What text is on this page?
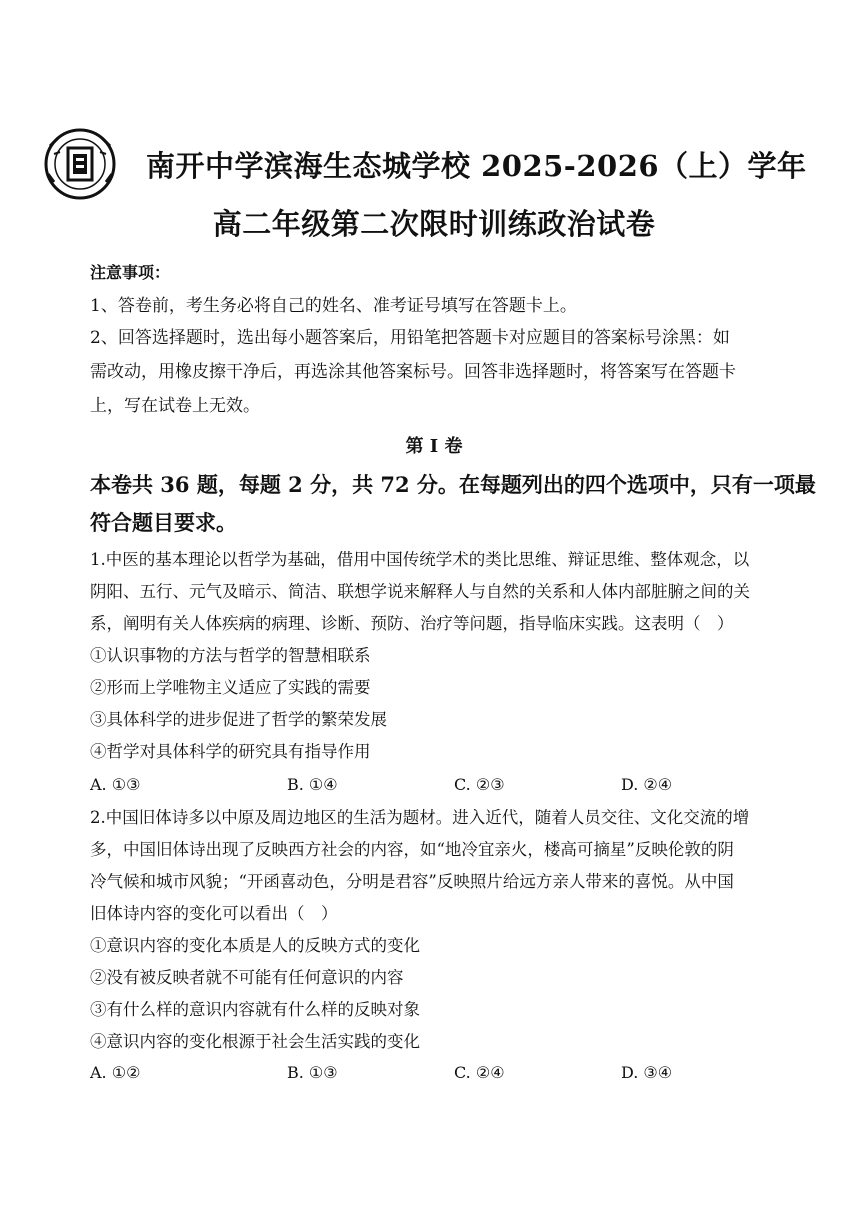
南开中学滨海生态城学校 2025-2026（上）学年
高二年级第二次限时训练政治试卷
注意事项：
1、答卷前，考生务必将自己的姓名、准考证号填写在答题卡上。
2、回答选择题时，选出每小题答案后，用铅笔把答题卡对应题目的答案标号涂黑：如
需改动，用橡皮擦干净后，再选涂其他答案标号。回答非选择题时，将答案写在答题卡
上，写在试卷上无效。
第 I 卷
本卷共 36 题，每题 2 分，共 72 分。在每题列出的四个选项中，只有一项最
符合题目要求。
1.中医的基本理论以哲学为基础，借用中国传统学术的类比思维、辩证思维、整体观念，以
阴阳、五行、元气及暗示、简洁、联想学说来解释人与自然的关系和人体内部脏腑之间的关
系，阐明有关人体疾病的病理、诊断、预防、治疗等问题，指导临床实践。这表明（　）
①认识事物的方法与哲学的智慧相联系
②形而上学唯物主义适应了实践的需要
③具体科学的进步促进了哲学的繁荣发展
④哲学对具体科学的研究具有指导作用
A. ①③	B. ①④	C. ②③	D. ②④
2.中国旧体诗多以中原及周边地区的生活为题材。进入近代，随着人员交往、文化交流的增
多，中国旧体诗出现了反映西方社会的内容，如“地冷宜亲火，楼高可摘星”反映伦敦的阴
冷气候和城市风貌；“开函喜动色，分明是君容”反映照片给远方亲人带来的喜悦。从中国
旧体诗内容的变化可以看出（　）
①意识内容的变化本质是人的反映方式的变化
②没有被反映者就不可能有任何意识的内容
③有什么样的意识内容就有什么样的反映对象
④意识内容的变化根源于社会生活实践的变化
A. ①②	B. ①③	C. ②④	D. ③④
